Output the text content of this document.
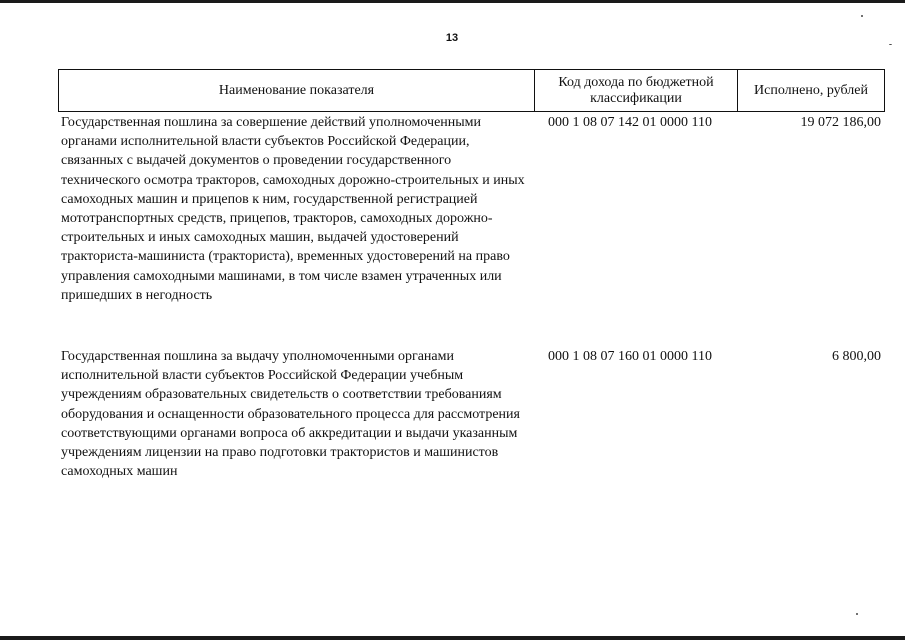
13
Наименование показателя
Код дохода по бюджетной классификации
Исполнено, рублей
Государственная пошлина за совершение действий уполномоченными органами исполнительной власти субъектов Российской Федерации, связанных с выдачей документов о проведении государственного технического осмотра тракторов, самоходных дорожно-строительных и иных самоходных машин и прицепов к ним, государственной регистрацией мототранспортных средств, прицепов, тракторов, самоходных дорожно-строительных и иных самоходных машин, выдачей удостоверений тракториста-машиниста (тракториста), временных удостоверений на право управления самоходными машинами, в том числе взамен утраченных или пришедших в негодность
000 1 08 07 142 01 0000 110	19 072 186,00
Государственная пошлина за выдачу уполномоченными органами исполнительной власти субъектов Российской Федерации учебным учреждениям образовательных свидетельств о соответствии требованиям оборудования и оснащенности образовательного процесса для рассмотрения соответствующими органами вопроса об аккредитации и выдачи указанным учреждениям лицензии на право подготовки трактористов и машинистов самоходных машин
000 1 08 07 160 01 0000 110	6 800,00
